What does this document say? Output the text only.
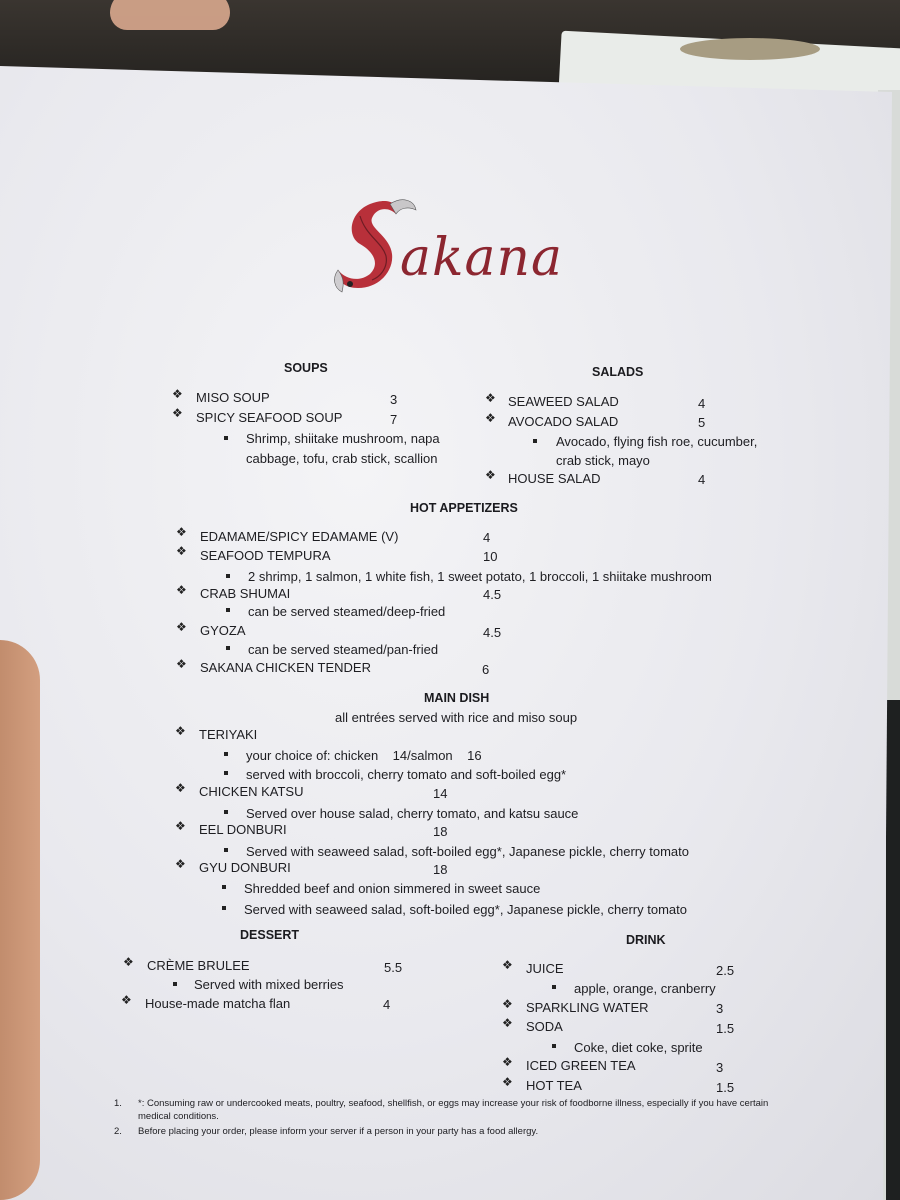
akana
SOUPS
❖ MISO SOUP	3
❖ SPICY SEAFOOD SOUP	7
Shrimp, shiitake mushroom, napa
cabbage, tofu, crab stick, scallion
SALADS
❖ SEAWEED SALAD	4
❖ AVOCADO SALAD	5
Avocado, flying fish roe, cucumber,
crab stick, mayo
❖ HOUSE SALAD	4
HOT APPETIZERS
❖ EDAMAME/SPICY EDAMAME (V)	4
❖ SEAFOOD TEMPURA	10
2 shrimp, 1 salmon, 1 white fish, 1 sweet potato, 1 broccoli, 1 shiitake mushroom
❖ CRAB SHUMAI	4.5
can be served steamed/deep-fried
❖ GYOZA	4.5
can be served steamed/pan-fried
❖ SAKANA CHICKEN TENDER	6
MAIN DISH
all entrées served with rice and miso soup
❖ TERIYAKI
your choice of: chicken    14/salmon    16
served with broccoli, cherry tomato and soft-boiled egg*
❖ CHICKEN KATSU	14
Served over house salad, cherry tomato, and katsu sauce
❖ EEL DONBURI	18
Served with seaweed salad, soft-boiled egg*, Japanese pickle, cherry tomato
❖ GYU DONBURI	18
Shredded beef and onion simmered in sweet sauce
Served with seaweed salad, soft-boiled egg*, Japanese pickle, cherry tomato
DESSERT
❖ CRÈME BRULEE	5.5
Served with mixed berries
❖ House-made matcha flan	4
DRINK
❖ JUICE	2.5
apple, orange, cranberry
❖ SPARKLING WATER	3
❖ SODA	1.5
Coke, diet coke, sprite
❖ ICED GREEN TEA	3
❖ HOT TEA	1.5
1. *: Consuming raw or undercooked meats, poultry, seafood, shellfish, or eggs may increase your risk of foodborne illness, especially if you have certain
medical conditions.
2. Before placing your order, please inform your server if a person in your party has a food allergy.
